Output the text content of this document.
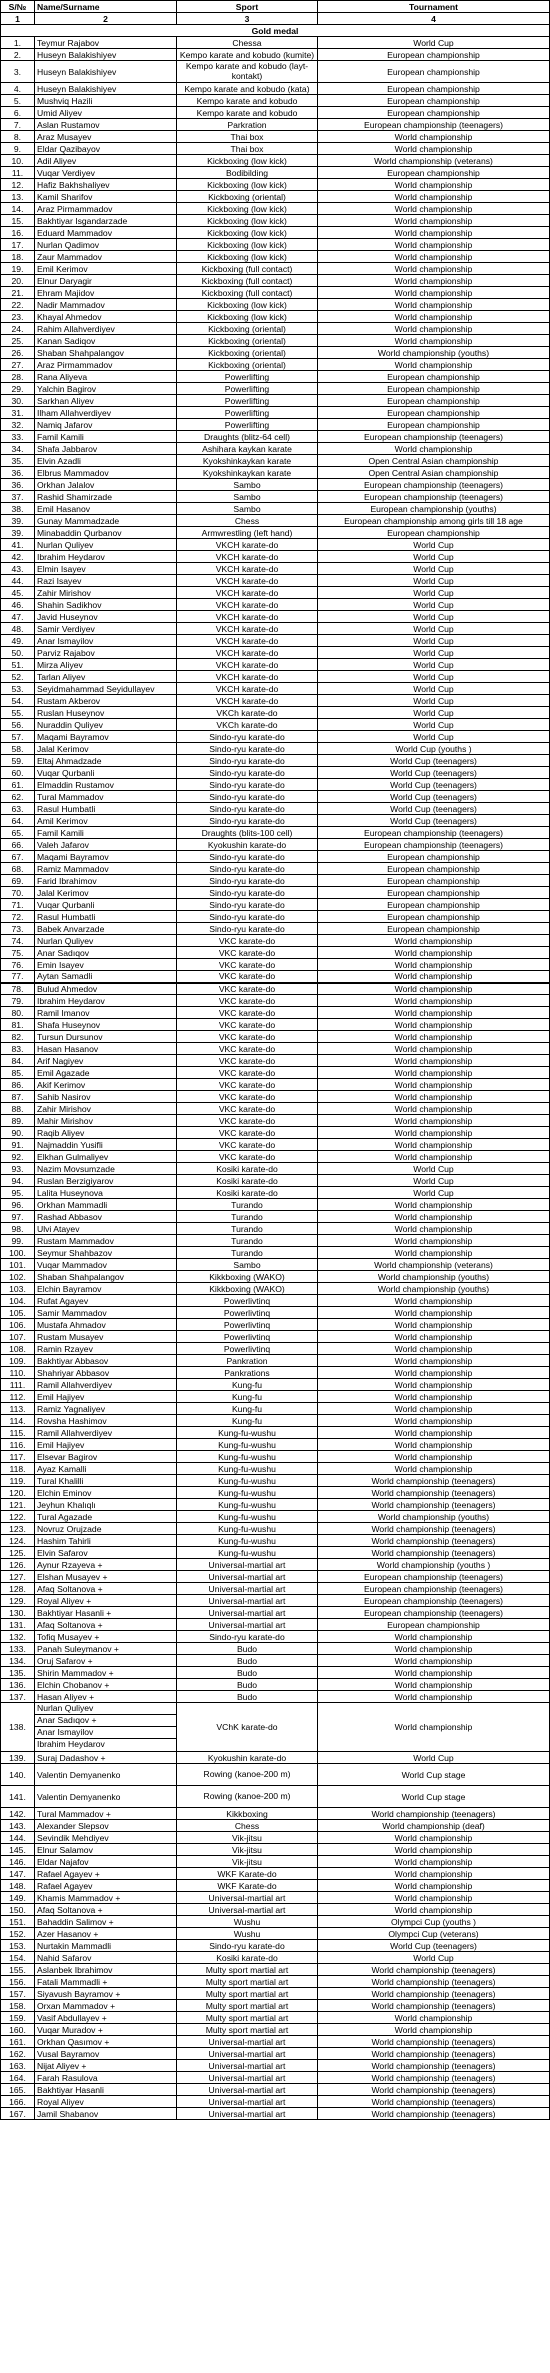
S/№	Name/Surname	Sport	Tournament
1	2	3	4
Gold medal			
1.	Teymur Rajabov	Chessa	World Cup
2.	Huseyn Balakishiyev	Kempo karate and kobudo (kumite)	European championship
3.	Huseyn Balakishiyev	Kempo karate and kobudo (layt-kontakt)	European championship
4.	Huseyn Balakishiyev	Kempo karate and kobudo (kata)	European championship
5.	Mushviq Hazili	Kempo karate and kobudo	European championship
6.	Umid Aliyev	Kempo karate and kobudo	European championship
7.	Aslan Rustamov	Parkration	European championship (teenagers)
8.	Araz Musayev	Thai box	World championship
9.	Eldar Qazibayov	Thai box	World championship
10.	Adil Aliyev	Kickboxing (low kick)	World championship (veterans)
11.	Vuqar Verdiyev	Bodibilding	European championship
12.	Hafiz Bakhshaliyev	Kickboxing (low kick)	World championship
13.	Kamil Sharifov	Kickboxing (oriental)	World championship
14.	Araz Pirmammadov	Kickboxing (low kick)	World championship
15.	Bakhtiyar Isgandarzade	Kickboxing (low kick)	World championship
16.	Eduard Mammadov	Kickboxing (low kick)	World championship
17.	Nurlan Qadimov	Kickboxing (low kick)	World championship
18.	Zaur Mammadov	Kickboxing (low kick)	World championship
19.	Emil Kerimov	Kickboxing (full contact)	World championship
20.	Elnur Daryagir	Kickboxing (full contact)	World championship
21.	Ehram Majidov	Kickboxing (full contact)	World championship
22.	Nadir Mammadov	Kickboxing (low kick)	World championship
23.	Khayal Ahmedov	Kickboxing (low kick)	World championship
24.	Rahim Allahverdiyev	Kickboxing (oriental)	World championship
25.	Kanan Sadiqov	Kickboxing (oriental)	World championship
26.	Shaban Shahpalangov	Kickboxing (oriental)	World championship (youths)
27.	Araz Pirmammadov	Kickboxing (oriental)	World championship
28.	Rana Aliyeva	Powerlifting	European championship
29.	Yalchin Bagirov	Powerlifting	European championship
30.	Sarkhan Aliyev	Powerlifting	European championship
31.	Ilham Allahverdiyev	Powerlifting	European championship
32.	Namiq Jafarov	Powerlifting	European championship
33.	Famil Kamili	Draughts (blitz-64 cell)	European championship (teenagers)
34.	Shafa Jabbarov	Ashihara kaykan karate	World championship
35.	Elvin Azadli	Kyokshinkaykan karate	Open Central Asian championship
36.	Elbrus Mammadov	Kyokshinkaykan karate	Open Central Asian championship
36.	Orkhan Jalalov	Sambo	European championship (teenagers)
37.	Rashid Shamirzade	Sambo	European championship (teenagers)
38.	Emil Hasanov	Sambo	European championship (youths)
39.	Gunay Mammadzade	Chess	European championship among girls till 18 age
39.	Minabaddin Qurbanov	Armwrestling (left hand)	European championship
41.	Nurlan Quliyev	VKCH karate-do	World Cup
42.	Ibrahim Heydarov	VKCH karate-do	World Cup
43.	Elmin Isayev	VKCH karate-do	World Cup
44.	Razi Isayev	VKCH karate-do	World Cup
45.	Zahir Mirishov	VKCH karate-do	World Cup
46.	Shahin Sadikhov	VKCH karate-do	World Cup
47.	Javid Huseynov	VKCH karate-do	World Cup
48.	Samir Verdiyev	VKCH karate-do	World Cup
49.	Anar Ismayilov	VKCH karate-do	World Cup
50.	Parviz Rajabov	VKCH karate-do	World Cup
51.	Mirza Aliyev	VKCH karate-do	World Cup
52.	Tarlan Aliyev	VKCH karate-do	World Cup
53.	Seyidmahammad Seyidullayev	VKCH karate-do	World Cup
54.	Rustam Akberov	VKCH karate-do	World Cup
55.	Ruslan Huseynov	VKCh karate-do	World Cup
56.	Nuraddin Quliyev	VKCh karate-do	World Cup
57.	Maqami Bayramov	Sindo-ryu karate-do	World Cup
58.	Jalal Kerimov	Sindo-ryu karate-do	World Cup (youths )
59.	Eltaj Ahmadzade	Sindo-ryu karate-do	World Cup (teenagers)
60.	Vuqar Qurbanli	Sindo-ryu karate-do	World Cup (teenagers)
61.	Elmaddin Rustamov	Sindo-ryu karate-do	World Cup (teenagers)
62.	Tural Mammadov	Sindo-ryu karate-do	World Cup (teenagers)
63.	Rasul Humbatli	Sindo-ryu karate-do	World Cup (teenagers)
64.	Amil Kerimov	Sindo-ryu karate-do	World Cup (teenagers)
65.	Famil Kamili	Draughts (blits-100 cell)	European championship (teenagers)
66.	Valeh Jafarov	Kyokushin karate-do	European championship (teenagers)
67.	Maqami Bayramov	Sindo-ryu karate-do	European championship
68.	Ramiz Mammadov	Sindo-ryu karate-do	European championship
69.	Farid Ibrahimov	Sindo-ryu karate-do	European championship
70.	Jalal Kerimov	Sindo-ryu karate-do	European championship
71.	Vuqar Qurbanli	Sindo-ryu karate-do	European championship
72.	Rasul Humbatli	Sindo-ryu karate-do	European championship
73.	Babek Anvarzade	Sindo-ryu karate-do	European championship
74.	Nurlan Quliyev	VKC karate-do	World championship
75.	Anar Sadıqov	VKC karate-do	World championship
76.	Emin Isayev	VKC karate-do	World championship
77.	Aytan Samadli	VKC karate-do	World championship
78.	Bulud Ahmedov	VKC karate-do	World championship
79.	Ibrahim Heydarov	VKC karate-do	World championship
80.	Ramil Imanov	VKC karate-do	World championship
81.	Shafa Huseynov	VKC karate-do	World championship
82.	Tursun Dursunov	VKC karate-do	World championship
83.	Hasan Hasanov	VKC karate-do	World championship
84.	Arif Nagiyev	VKC karate-do	World championship
85.	Emil Agazade	VKC karate-do	World championship
86.	Akif Kerimov	VKC karate-do	World championship
87.	Sahib Nasirov	VKC karate-do	World championship
88.	Zahir Mirishov	VKC karate-do	World championship
89.	Mahir Mirishov	VKC karate-do	World championship
90.	Raqib Aliyev	VKC karate-do	World championship
91.	Najmaddin Yusifli	VKC karate-do	World championship
92.	Elkhan Gulmaliyev	VKC karate-do	World championship
93.	Nazim Movsumzade	Kosiki karate-do	World Cup
94.	Ruslan Berzigiyarov	Kosiki karate-do	World Cup
95.	Lalita Huseynova	Kosiki karate-do	World Cup
96.	Orkhan Mammadli	Turando	World championship
97.	Rashad Abbasov	Turando	World championship
98.	Ulvi Atayev	Turando	World championship
99.	Rustam Mammadov	Turando	World championship
100.	Seymur Shahbazov	Turando	World championship
101.	Vuqar Mammadov	Sambo	World championship (veterans)
102.	Shaban Shahpalangov	Kikkboxing (WAKO)	World championship (youths)
103.	Elchin Bayramov	Kikkboxing (WAKO)	World championship (youths)
104.	Rufat Agayev	Powerlivtinq	World championship
105.	Samir Mammadov	Powerlivtinq	World championship
106.	Mustafa Ahmadov	Powerlivtinq	World championship
107.	Rustam Musayev	Powerlivtinq	World championship
108.	Ramin Rzayev	Powerlivtinq	World championship
109.	Bakhtiyar Abbasov	Pankration	World championship
110.	Shahriyar Abbasov	Pankrations	World championship
111.	Ramil Allahverdiyev	Kung-fu	World championship
112.	Emil Hajiyev	Kung-fu	World championship
113.	Ramiz Yagnaliyev	Kung-fu	World championship
114.	Rovsha Hashimov	Kung-fu	World championship
115.	Ramil Allahverdiyev	Kung-fu-wushu	World championship
116.	Emil Hajiyev	Kung-fu-wushu	World championship
117.	Elsevar Bagirov	Kung-fu-wushu	World championship
118.	Ayaz Kamalli	Kung-fu-wushu	World championship
119.	Tural Khalilli	Kung-fu-wushu	World championship (teenagers)
120.	Elchin Eminov	Kung-fu-wushu	World championship (teenagers)
121.	Jeyhun Khalıqlı	Kung-fu-wushu	World championship (teenagers)
122.	Tural Agazade	Kung-fu-wushu	World championship (youths)
123.	Novruz Orujzade	Kung-fu-wushu	World championship (teenagers)
124.	Hashim Tahirli	Kung-fu-wushu	World championship (teenagers)
125.	Elvin Safarov	Kung-fu-wushu	World championship (teenagers)
126.	Aynur Rzayeva +	Universal-martial art	World championship (youths )
127.	Elshan Musayev +	Universal-martial art	European championship (teenagers)
128.	Afaq Soltanova +	Universal-martial art	European championship (teenagers)
129.	Royal Aliyev +	Universal-martial art	European championship (teenagers)
130.	Bakhtiyar Hasanli +	Universal-martial art	European championship (teenagers)
131.	Afaq Soltanova +	Universal-martial art	European championship
132.	Tofiq Musayev +	Sindo-ryu karate-do	World championship
133.	Panah Suleymanov +	Budo	World championship
134.	Oruj Safarov +	Budo	World championship
135.	Shirin Mammadov +	Budo	World championship
136.	Elchin Chobanov +	Budo	World championship
137.	Hasan Aliyev +	Budo	World championship
138.	Nurlan Quliyev
Anar Sadıqov +
Anar Ismayilov
Ibrahim Heydarov	VChK karate-do	World championship
139.	Suraj Dadashov +	Kyokushin karate-do	World Cup
140.	Valentin Demyanenko	Rowing (kanoe-200 m)	World Cup stage
141.	Valentin Demyanenko	Rowing (kanoe-200 m)	World Cup stage
142.	Tural Mammadov +	Kikkboxing	World championship (teenagers)
143.	Alexander Slepsov	Chess	World championship (deaf)
144.	Sevindik Mehdiyev	Vik-jitsu	World championship
145.	Elnur Salamov	Vik-jitsu	World championship
146.	Eldar Najafov	Vik-jitsu	World championship
147.	Rafael Agayev +	WKF Karate-do	World championship
148.	Rafael Agayev	WKF Karate-do	World championship
149.	Khamis Mammadov +	Universal-martial art	World championship
150.	Afaq Soltanova +	Universal-martial art	World championship
151.	Bahaddin Salimov +	Wushu	Olympci Cup (youths )
152.	Azer Hasanov +	Wushu	Olympci Cup (veterans)
153.	Nurtakin Mammadli	Sindo-ryu karate-do	World Cup (teenagers)
154.	Nahid Safarov	Kosiki karate-do	World Cup
155.	Aslanbek Ibrahimov	Multy sport martial art	World championship (teenagers)
156.	Fatali Mammadli +	Multy sport martial art	World championship (teenagers)
157.	Siyavush Bayramov +	Multy sport martial art	World championship (teenagers)
158.	Orxan Mammadov +	Multy sport martial art	World championship (teenagers)
159.	Vasif Abdullayev +	Multy sport martial art	World championship
160.	Vuqar Muradov +	Multy sport martial art	World championship
161.	Orkhan Qasımov +	Universal-martial art	World championship (teenagers)
162.	Vusal Bayramov	Universal-martial art	World championship (teenagers)
163.	Nijat Aliyev +	Universal-martial art	World championship (teenagers)
164.	Farah Rasulova	Universal-martial art	World championship (teenagers)
165.	Bakhtiyar Hasanli	Universal-martial art	World championship (teenagers)
166.	Royal Aliyev	Universal-martial art	World championship (teenagers)
167.	Jamil Shabanov	Universal-martial art	World championship (teenagers)
